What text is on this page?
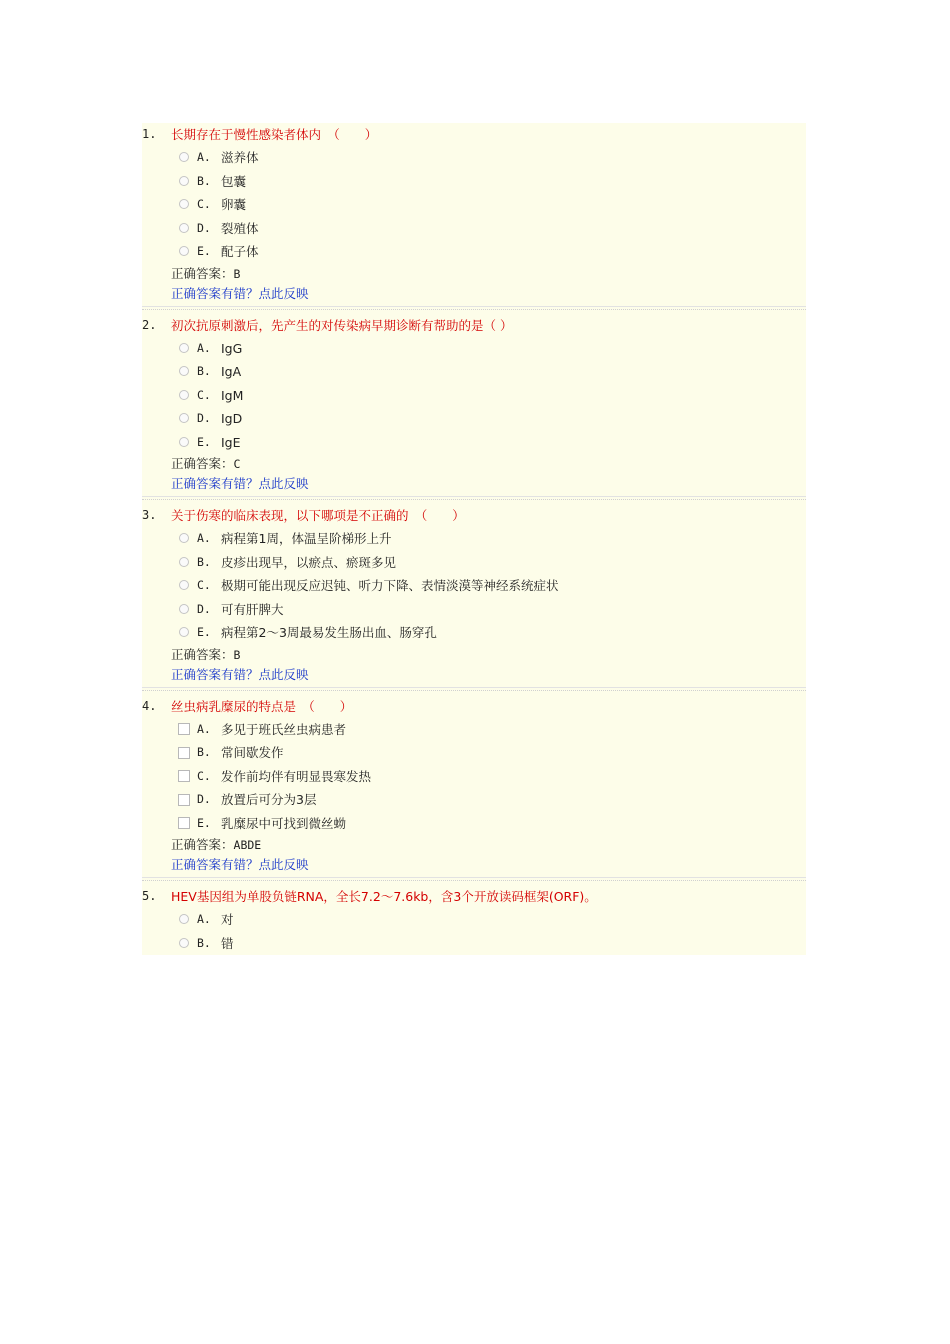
1. 长期存在于慢性感染者体内　（　　）
A. 滋养体
B. 包囊
C. 卵囊
D. 裂殖体
E. 配子体
正确答案：B
正确答案有错？点此反映
2. 初次抗原刺激后，先产生的对传染病早期诊断有帮助的是（ ）
A. IgG
B. IgA
C. IgM
D. IgD
E. IgE
正确答案：C
正确答案有错？点此反映
3. 关于伤寒的临床表现，以下哪项是不正确的　（　　）
A. 病程第1周，体温呈阶梯形上升
B. 皮疹出现早，以瘀点、瘀斑多见
C. 极期可能出现反应迟钝、听力下降、表情淡漠等神经系统症状
D. 可有肝脾大
E. 病程第2～3周最易发生肠出血、肠穿孔
正确答案：B
正确答案有错？点此反映
4. 丝虫病乳糜尿的特点是　（　　）
A. 多见于班氏丝虫病患者
B. 常间歇发作
C. 发作前均伴有明显畏寒发热
D. 放置后可分为3层
E. 乳糜尿中可找到微丝蚴
正确答案：ABDE
正确答案有错？点此反映
5. HEV基因组为单股负链RNA，全长7.2～7.6kb，含3个开放读码框架(ORF)。
A. 对
B. 错
